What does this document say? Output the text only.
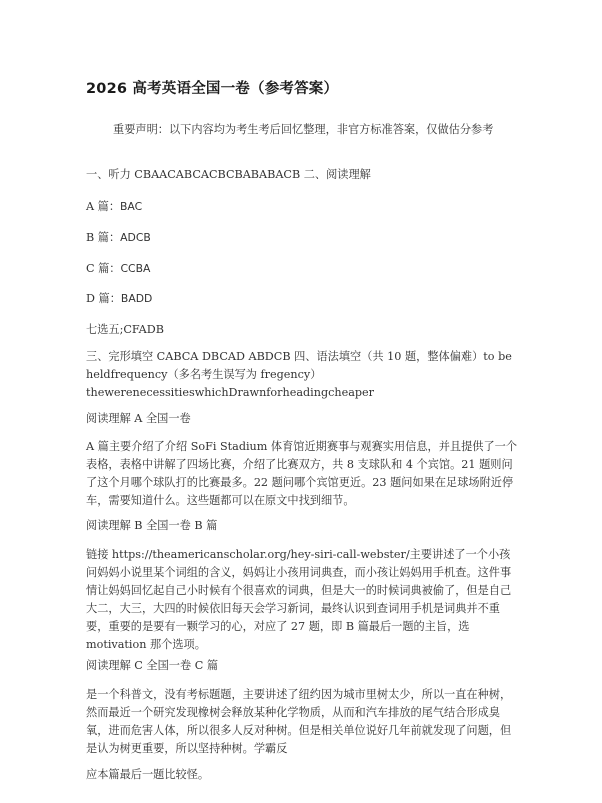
2026 高考英语全国一卷（参考答案）

重要声明：以下内容均为考生考后回忆整理，非官方标准答案，仅做估分参考

一、听力 CBAACABCACBCBABABACB 二、阅读理解

A 篇：BAC

B 篇：ADCB

C 篇：CCBA

D 篇：BADD

七选五;CFADB

三、完形填空 CABCA DBCAD ABDCB 四、语法填空（共 10 题，整体偏难）to be heldfrequency（多名考生误写为 fregency） thewerenecessitieswhichDrawnforheadingcheaper

阅读理解 A 全国一卷

A 篇主要介绍了介绍 SoFi Stadium 体育馆近期赛事与观赛实用信息，并且提供了一个表格，表格中讲解了四场比赛，介绍了比赛双方，共 8 支球队和 4 个宾馆。21 题则问了这个月哪个球队打的比赛最多。22 题问哪个宾馆更近。23 题问如果在足球场附近停车，需要知道什么。这些题都可以在原文中找到细节。

阅读理解 B 全国一卷 B 篇

链接 https://theamericanscholar.org/hey-siri-call-webster/主要讲述了一个小孩问妈妈小说里某个词组的含义，妈妈让小孩用词典查，而小孩让妈妈用手机查。这件事情让妈妈回忆起自己小时候有个很喜欢的词典，但是大一的时候词典被偷了，但是自己大二，大三，大四的时候依旧每天会学习新词，最终认识到查词用手机是词典并不重要，重要的是要有一颗学习的心，对应了 27 题，即 B 篇最后一题的主旨，选 motivation 那个选项。

阅读理解 C 全国一卷 C 篇

是一个科普文，没有考标题题，主要讲述了纽约因为城市里树太少，所以一直在种树，然而最近一个研究发现橡树会释放某种化学物质，从而和汽车排放的尾气结合形成臭氧，进而危害人体，所以很多人反对种树。但是相关单位说好几年前就发现了问题，但是认为树更重要，所以坚持种树。学霸反

应本篇最后一题比较怪。
